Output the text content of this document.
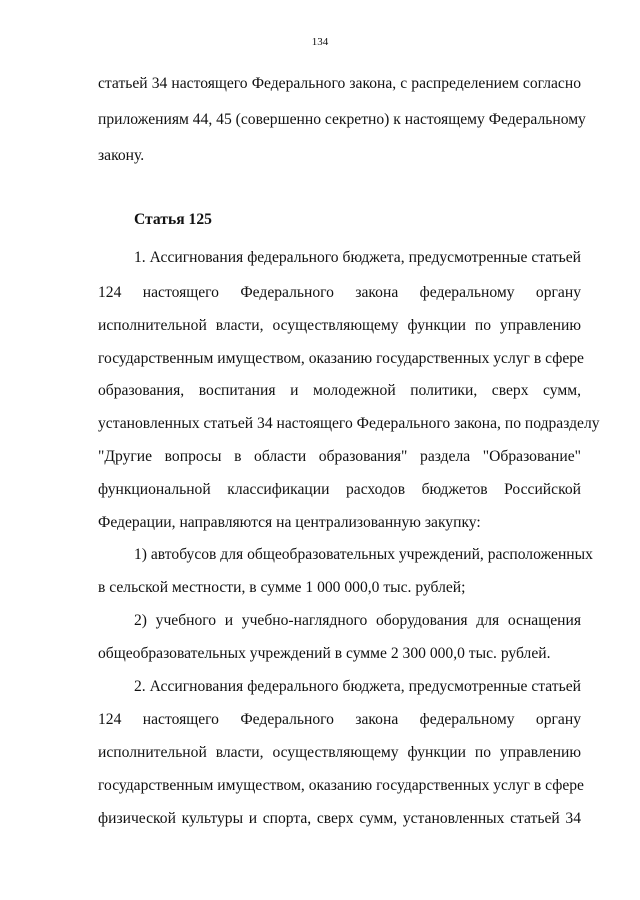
134
статьей 34 настоящего Федерального закона, с распределением согласно
приложениям 44, 45 (совершенно секретно) к настоящему Федеральному
закону.
Статья 125
1. Ассигнования федерального бюджета, предусмотренные статьей
124 настоящего Федерального закона федеральному органу
исполнительной власти, осуществляющему функции по управлению
государственным имуществом, оказанию государственных услуг в сфере
образования, воспитания и молодежной политики, сверх сумм,
установленных статьей 34 настоящего Федерального закона, по подразделу
"Другие вопросы в области образования" раздела "Образование"
функциональной классификации расходов бюджетов Российской
Федерации, направляются на централизованную закупку:
1) автобусов для общеобразовательных учреждений, расположенных
в сельской местности, в сумме 1 000 000,0 тыс. рублей;
2) учебного и учебно-наглядного оборудования для оснащения
общеобразовательных учреждений в сумме 2 300 000,0 тыс. рублей.
2. Ассигнования федерального бюджета, предусмотренные статьей
124 настоящего Федерального закона федеральному органу
исполнительной власти, осуществляющему функции по управлению
государственным имуществом, оказанию государственных услуг в сфере
физической культуры и спорта, сверх сумм, установленных статьей 34
